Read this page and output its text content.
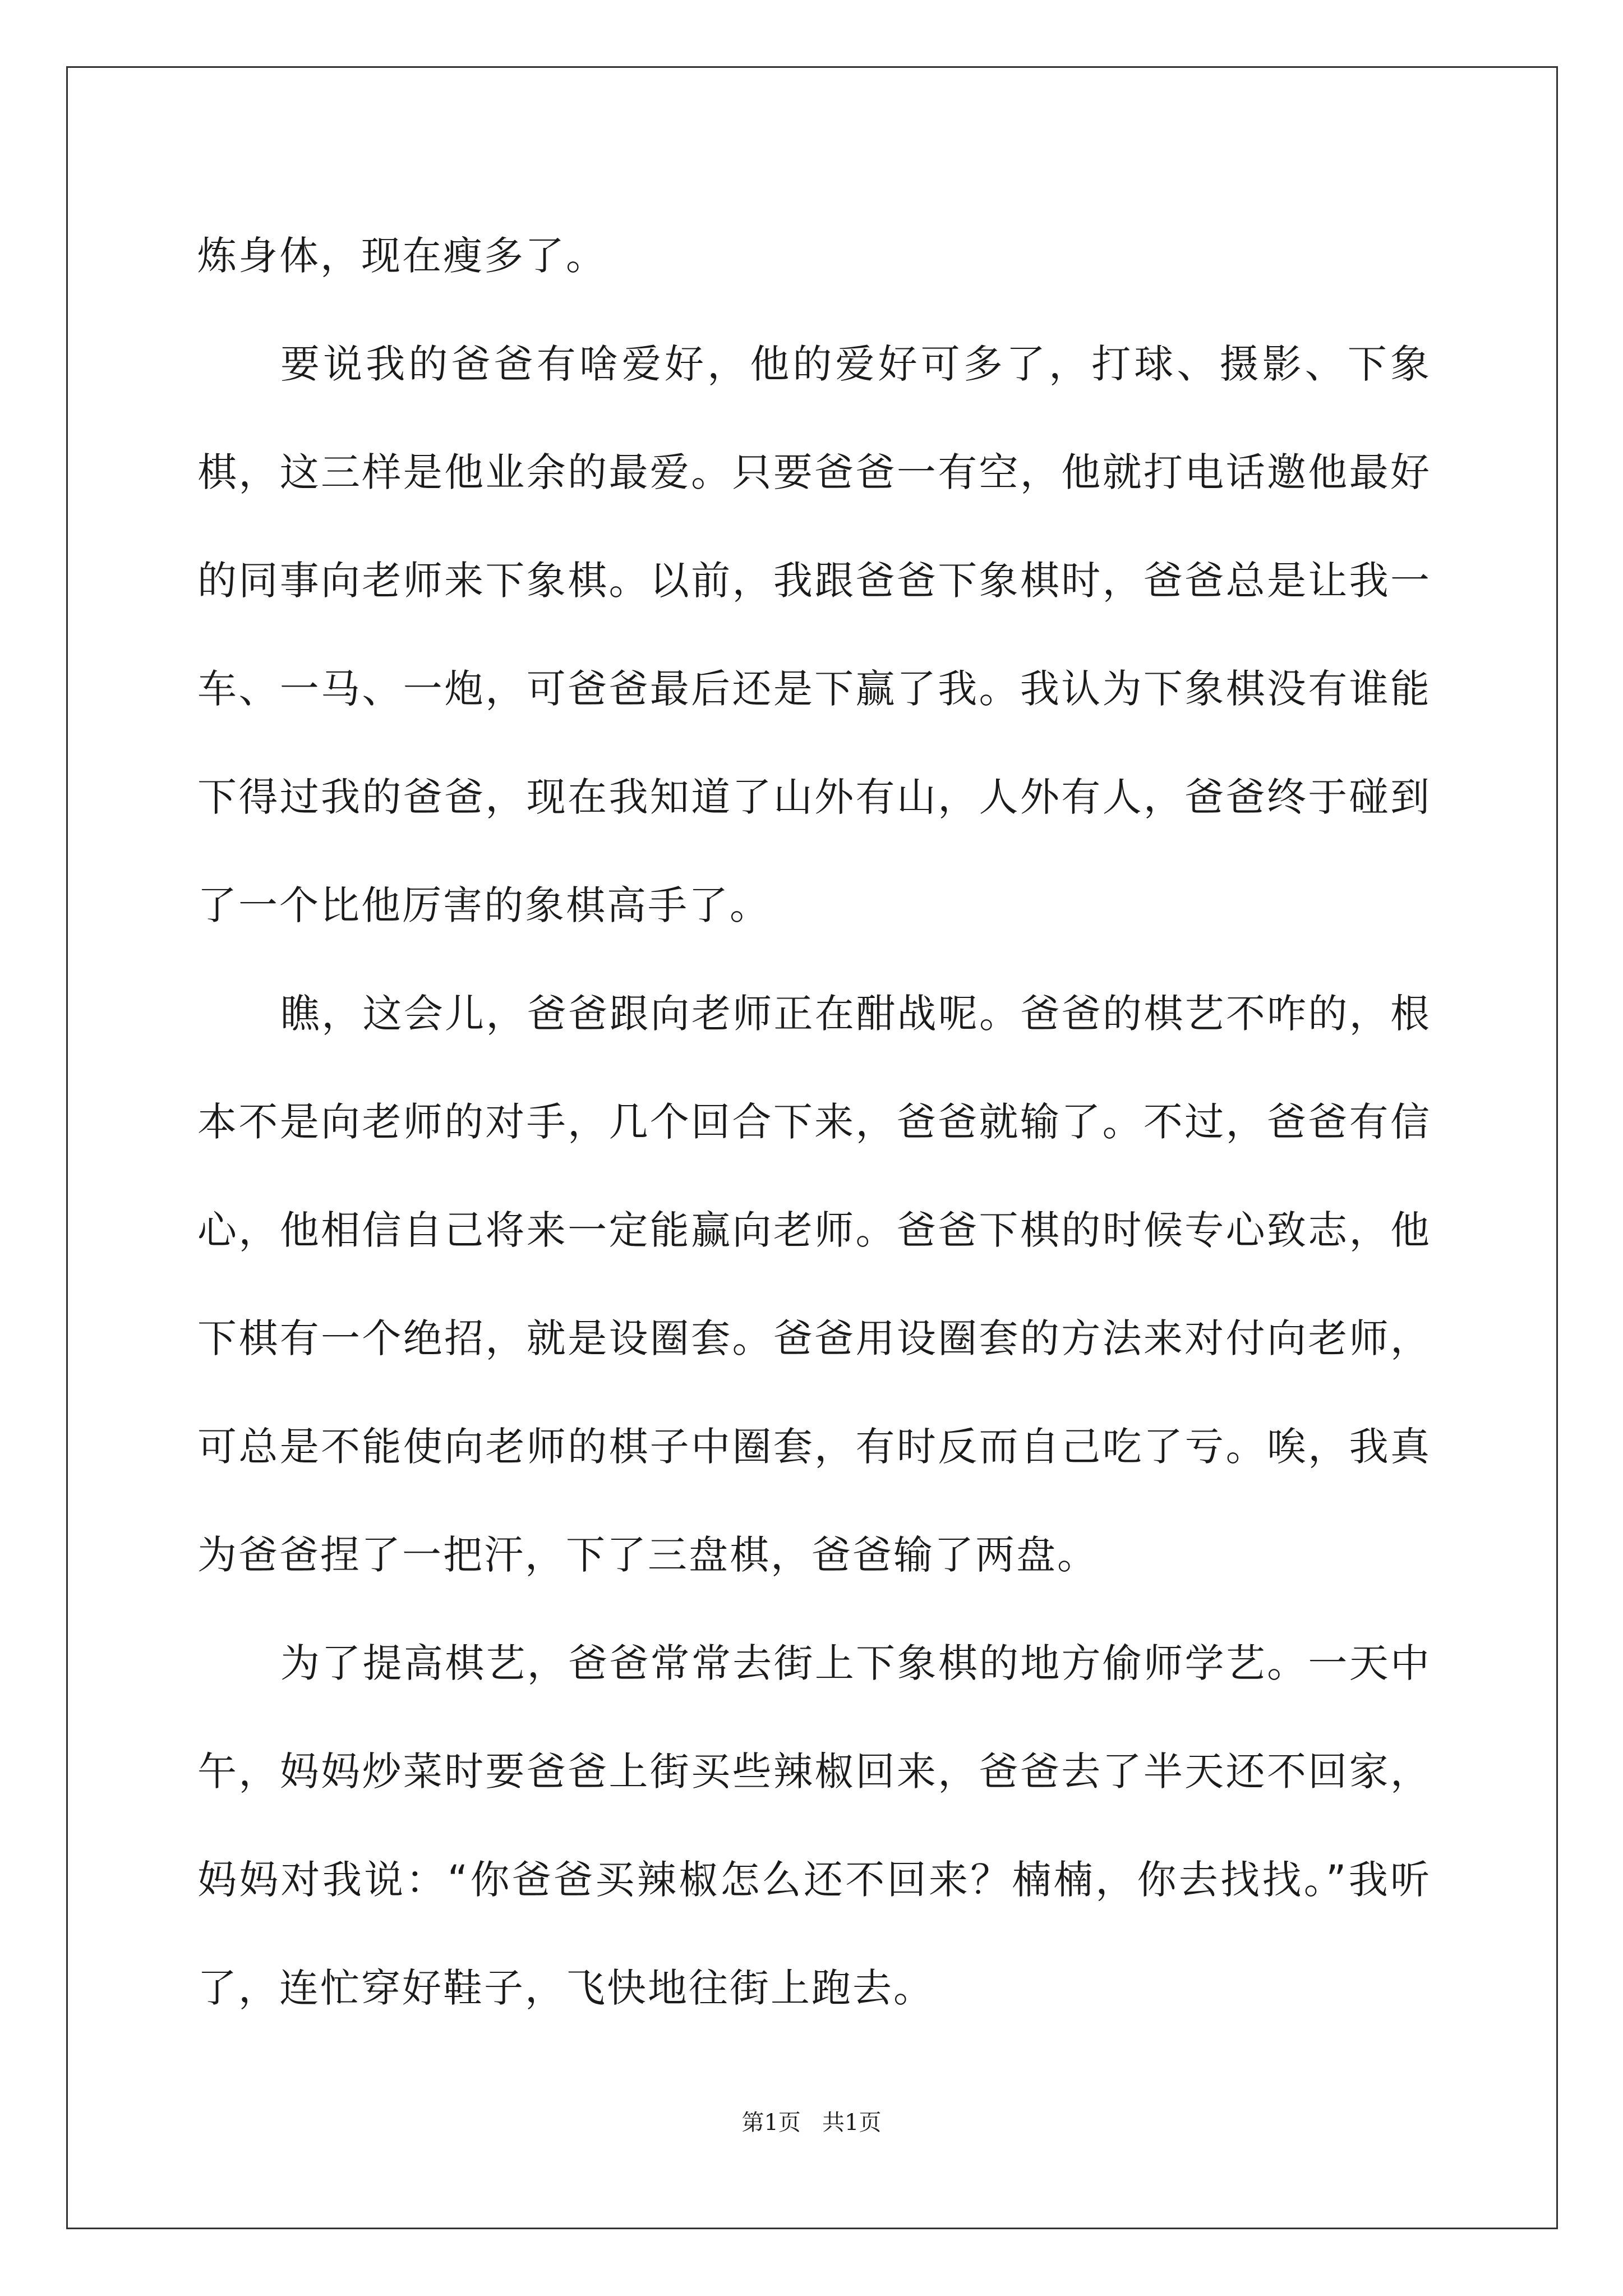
炼身体，现在瘦多了。

要说我的爸爸有啥爱好，他的爱好可多了，打球、摄影、下象棋，这三样是他业余的最爱。只要爸爸一有空，他就打电话邀他最好的同事向老师来下象棋。以前，我跟爸爸下象棋时，爸爸总是让我一车、一马、一炮，可爸爸最后还是下赢了我。我认为下象棋没有谁能下得过我的爸爸，现在我知道了山外有山，人外有人，爸爸终于碰到了一个比他厉害的象棋高手了。

瞧，这会儿，爸爸跟向老师正在酣战呢。爸爸的棋艺不咋的，根本不是向老师的对手，几个回合下来，爸爸就输了。不过，爸爸有信心，他相信自己将来一定能赢向老师。爸爸下棋的时候专心致志，他下棋有一个绝招，就是设圈套。爸爸用设圈套的方法来对付向老师，可总是不能使向老师的棋子中圈套，有时反而自己吃了亏。唉，我真为爸爸捏了一把汗，下了三盘棋，爸爸输了两盘。

为了提高棋艺，爸爸常常去街上下象棋的地方偷师学艺。一天中午，妈妈炒菜时要爸爸上街买些辣椒回来，爸爸去了半天还不回家，妈妈对我说：“你爸爸买辣椒怎么还不回来？楠楠，你去找找。”我听了，连忙穿好鞋子，飞快地往街上跑去。

第1页   共1页
